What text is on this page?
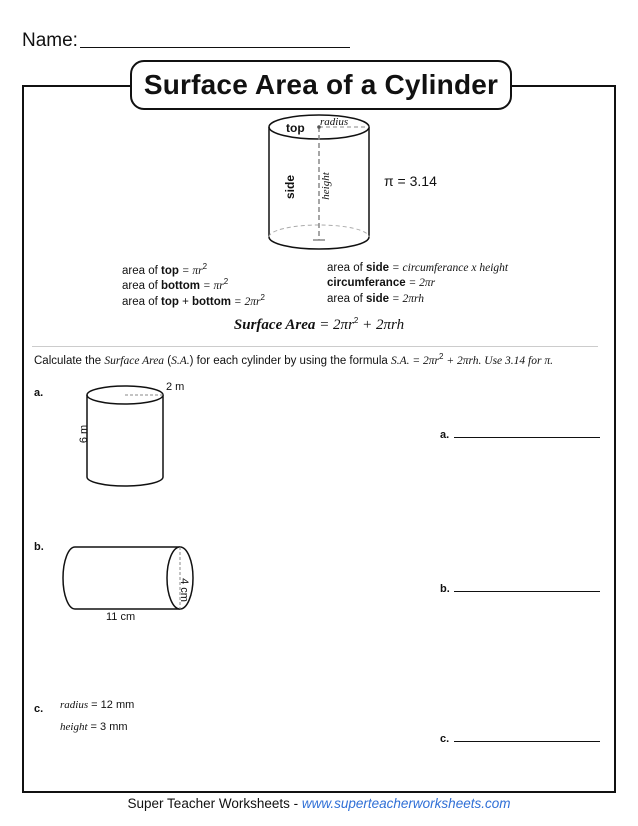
Name:
Surface Area of a Cylinder
top radius
side height	π = 3.14
area of top = $\pi r^2$
area of bottom = $\pi r^2$
area of top + bottom = $2\pi r^2$
area of side = circumferance x height
circumferance = 2πr
area of side = 2πrh
Surface Area = $2\pi r^2 + 2\pi rh$
Calculate the Surface Area (S.A.) for each cylinder by using the formula S.A. = $2\pi r^2 + 2\pi rh$. Use 3.14 for π.
a.	2 m
6 m	a.
b.
4 cm
11 cm
b.
c. radius = 12 mm
height = 3 mm
c.
Super Teacher Worksheets - www.superteacherworksheets.com
